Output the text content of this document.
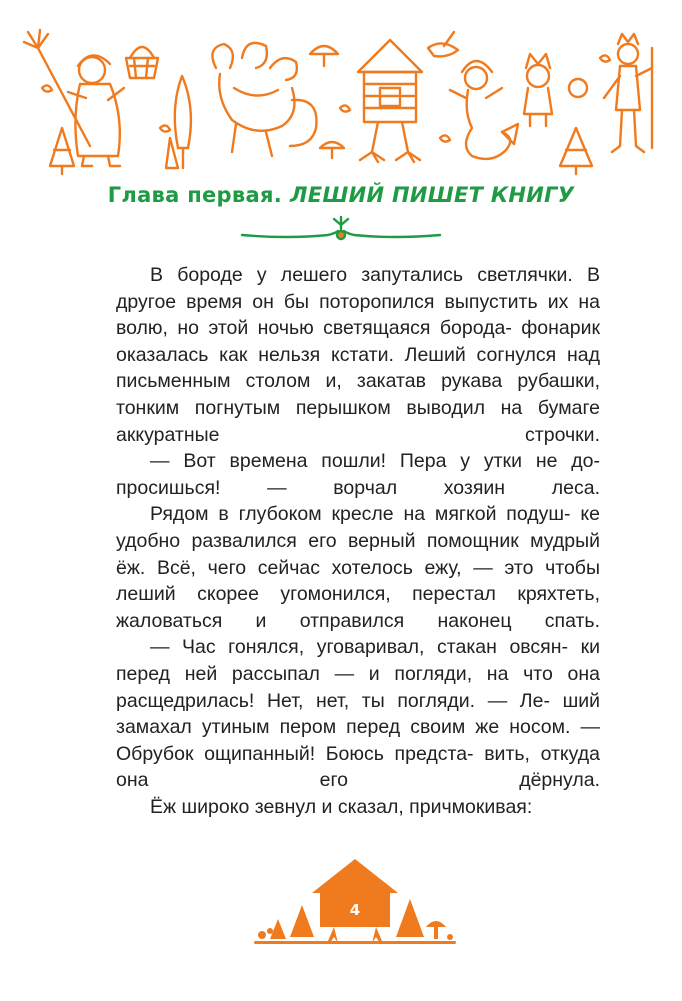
Глава первая. ЛЕШИЙ ПИШЕТ КНИГУ

В бороде у лешего запутались светлячки. В другое время он бы поторопился выпустить их на волю, но этой ночью светящаяся борода- фонарик оказалась как нельзя кстати. Леший согнулся над письменным столом и, закатав рукава рубашки, тонким погнутым перышком выводил на бумаге аккуратные строчки.

— Вот времена пошли! Пера у утки не до- просишься! — ворчал хозяин леса.

Рядом в глубоком кресле на мягкой подуш- ке удобно развалился его верный помощник мудрый ёж. Всё, чего сейчас хотелось ежу, — это чтобы леший скорее угомонился, перестал кряхтеть, жаловаться и отправился наконец спать.

— Час гонялся, уговаривал, стакан овсян- ки перед ней рассыпал — и погляди, на что она расщедрилась! Нет, нет, ты погляди. — Ле- ший замахал утиным пером перед своим же носом. — Обрубок ощипанный! Боюсь предста- вить, откуда она его дёрнула.

Ёж широко зевнул и сказал, причмокивая:

4
